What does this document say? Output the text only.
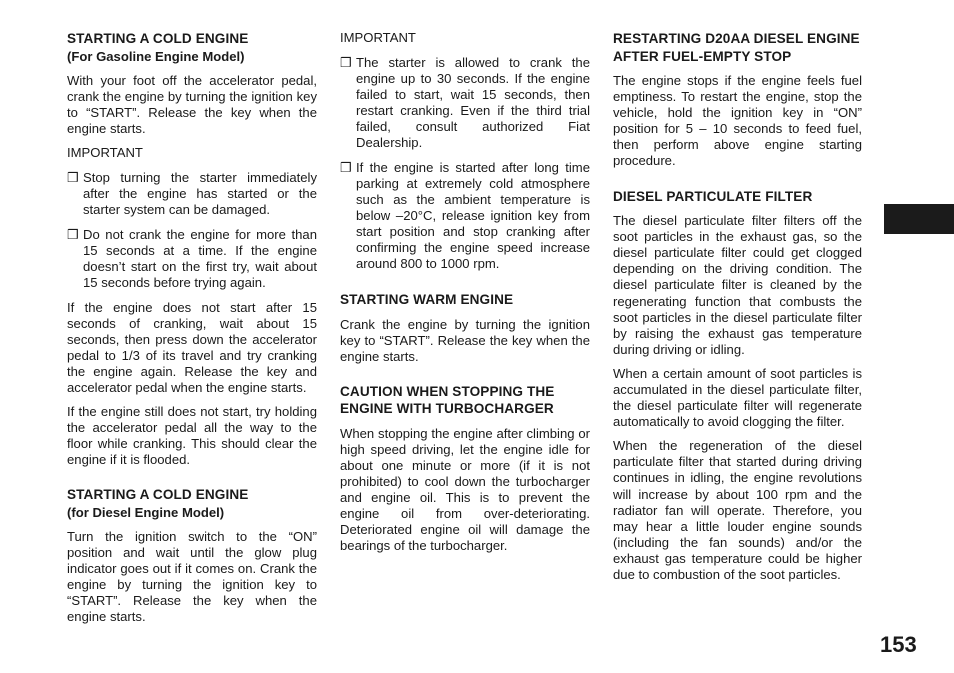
STARTING A COLD ENGINE
(For Gasoline Engine Model)

With your foot off the accelerator pedal, crank the engine by turning the ignition key to “START”. Release the key when the engine starts.

IMPORTANT
❒ Stop turning the starter immediately after the engine has started or the starter system can be damaged.
❒ Do not crank the engine for more than 15 seconds at a time. If the engine doesn’t start on the first try, wait about 15 seconds before trying again.

If the engine does not start after 15 seconds of cranking, wait about 15 seconds, then press down the accelerator pedal to 1/3 of its travel and try cranking the engine again. Release the key and accelerator pedal when the engine starts.

If the engine still does not start, try holding the accelerator pedal all the way to the floor while cranking. This should clear the engine if it is flooded.

STARTING A COLD ENGINE
(for Diesel Engine Model)

Turn the ignition switch to the “ON” position and wait until the glow plug indicator goes out if it comes on. Crank the engine by turning the ignition key to “START”. Release the key when the engine starts.

IMPORTANT
❒ The starter is allowed to crank the engine up to 30 seconds. If the engine failed to start, wait 15 seconds, then restart cranking. Even if the third trial failed, consult authorized Fiat Dealership.
❒ If the engine is started after long time parking at extremely cold atmosphere such as the ambient temperature is below –20°C, release ignition key from start position and stop cranking after confirming the engine speed increase around 800 to 1000 rpm.
STARTING WARM ENGINE

Crank the engine by turning the ignition key to “START”. Release the key when the engine starts.

CAUTION WHEN STOPPING THE ENGINE WITH TURBOCHARGER

When stopping the engine after climbing or high speed driving, let the engine idle for about one minute or more (if it is not prohibited) to cool down the turbocharger and engine oil. This is to prevent the engine oil from over-deteriorating. Deteriorated engine oil will damage the bearings of the turbocharger.

RESTARTING D20AA DIESEL ENGINE AFTER FUEL-EMPTY STOP

The engine stops if the engine feels fuel emptiness. To restart the engine, stop the vehicle, hold the ignition key in “ON” position for 5 – 10 seconds to feed fuel, then perform above engine starting procedure.

DIESEL PARTICULATE FILTER

The diesel particulate filter filters off the soot particles in the exhaust gas, so the diesel particulate filter could get clogged depending on the driving condition. The diesel particulate filter is cleaned by the regenerating function that combusts the soot particles in the diesel particulate filter by raising the exhaust gas temperature during driving or idling.

When a certain amount of soot particles is accumulated in the diesel particulate filter, the diesel particulate filter will regenerate automatically to avoid clogging the filter.

When the regeneration of the diesel particulate filter that started during driving continues in idling, the engine revolutions will increase by about 100 rpm and the radiator fan will operate. Therefore, you may hear a little louder engine sounds (including the fan sounds) and/or the exhaust gas temperature could be higher due to combustion of the soot particles.

153
